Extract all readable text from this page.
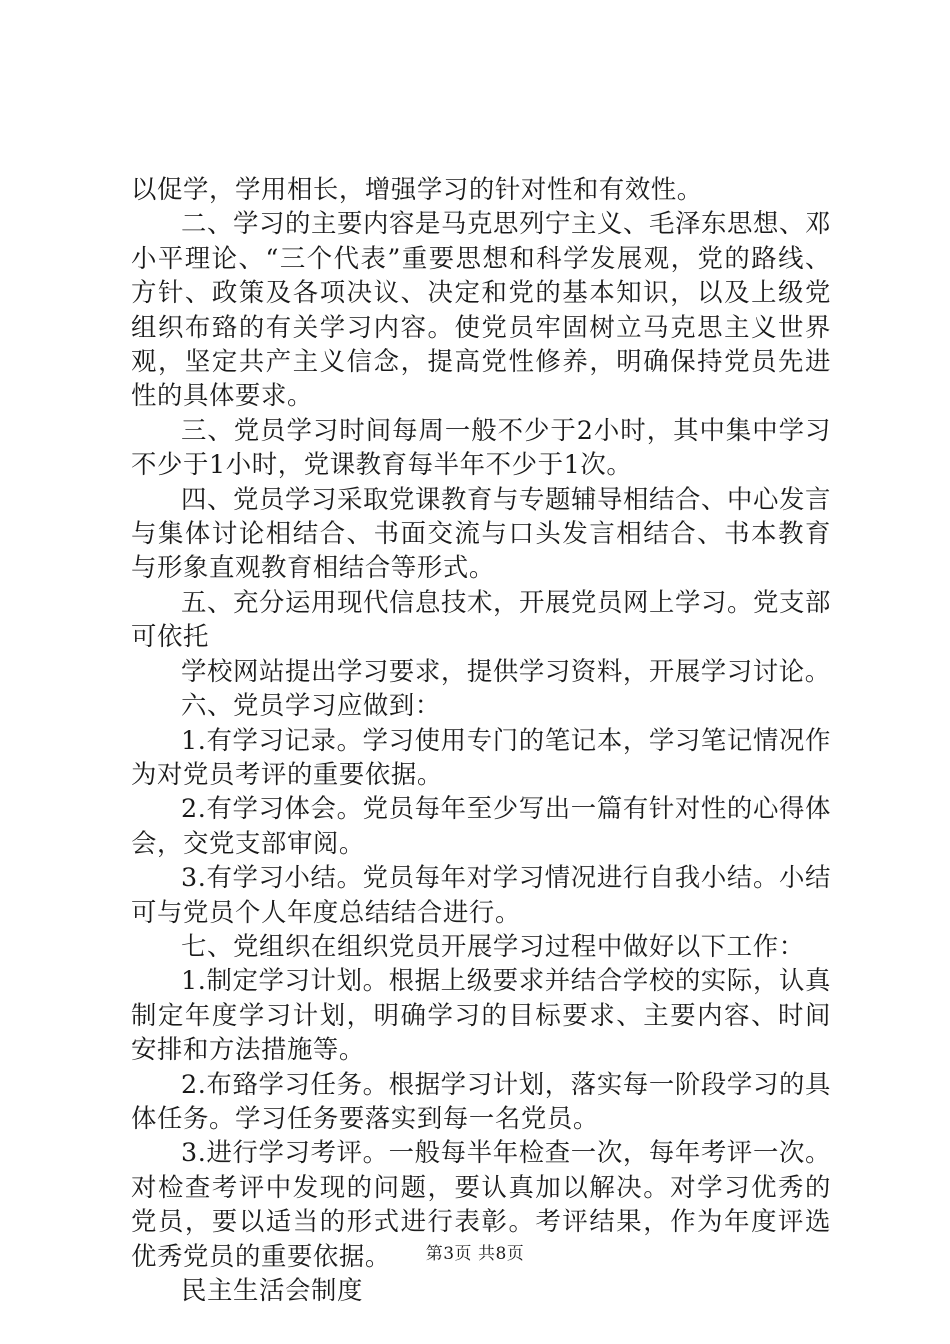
以促学，学用相长，增强学习的针对性和有效性。

二、学习的主要内容是马克思列宁主义、毛泽东思想、邓小平理论、“三个代表”重要思想和科学发展观，党的路线、方针、政策及各项决议、决定和党的基本知识，以及上级党组织布臵的有关学习内容。使党员牢固树立马克思主义世界观，坚定共产主义信念，提高党性修养，明确保持党员先进性的具体要求。

三、党员学习时间每周一般不少于2小时，其中集中学习不少于1小时，党课教育每半年不少于1次。

四、党员学习采取党课教育与专题辅导相结合、中心发言与集体讨论相结合、书面交流与口头发言相结合、书本教育与形象直观教育相结合等形式。

五、充分运用现代信息技术，开展党员网上学习。党支部可依托

学校网站提出学习要求，提供学习资料，开展学习讨论。

六、党员学习应做到：

1.有学习记录。学习使用专门的笔记本，学习笔记情况作为对党员考评的重要依据。

2.有学习体会。党员每年至少写出一篇有针对性的心得体会，交党支部审阅。

3.有学习小结。党员每年对学习情况进行自我小结。小结可与党员个人年度总结结合进行。

七、党组织在组织党员开展学习过程中做好以下工作：

1.制定学习计划。根据上级要求并结合学校的实际，认真制定年度学习计划，明确学习的目标要求、主要内容、时间安排和方法措施等。

2.布臵学习任务。根据学习计划，落实每一阶段学习的具体任务。学习任务要落实到每一名党员。

3.进行学习考评。一般每半年检查一次，每年考评一次。对检查考评中发现的问题，要认真加以解决。对学习优秀的党员，要以适当的形式进行表彰。考评结果，作为年度评选优秀党员的重要依据。

民主生活会制度

第3页 共8页
